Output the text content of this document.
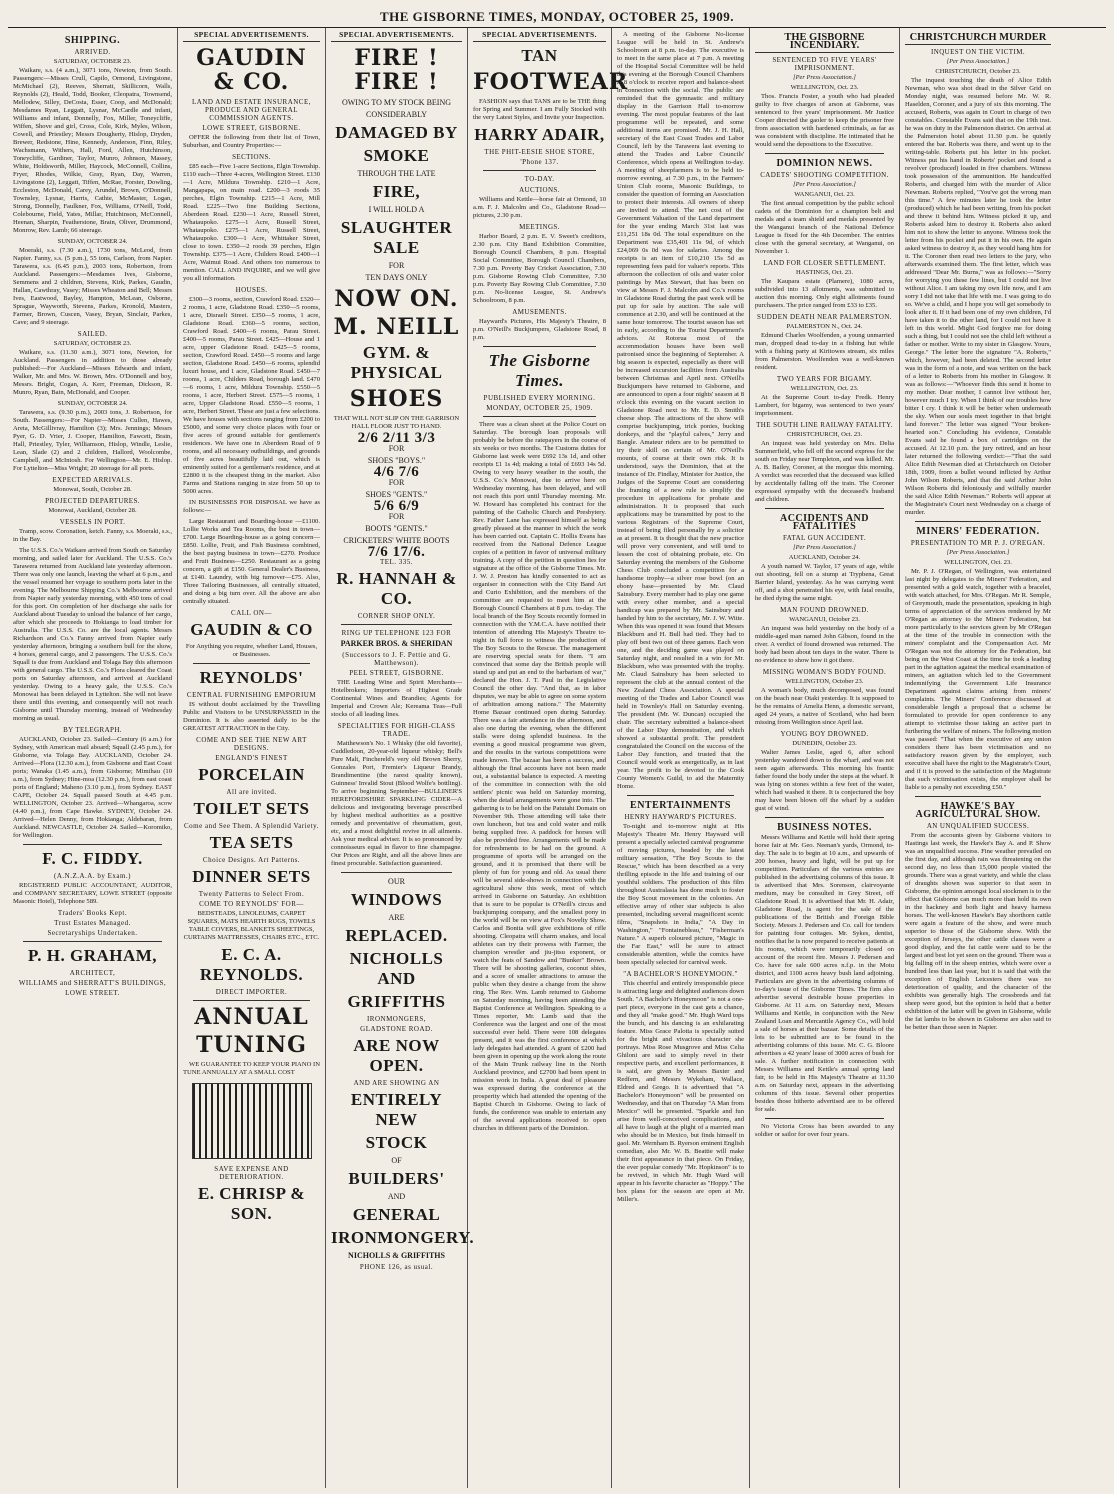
THE GISBORNE TIMES, MONDAY, OCTOBER 25, 1909.
SHIPPING.
ARRIVED.
SATURDAY, OCTOBER 23.

Waikare, s.s. (4 a.m.), 3071 tons, Newton, from South. Passengers:—Misses Crull, Capilo, Ormond, Livingstone, McMichael (2), Reeves, Sherratt, Skillicorn, Walls, Reynolds (2), Heald, Todd, Booker, Cleopatra, Townsend, Mellodew, Silley, DeCosta, Esser, Coop, and McDonald; Mesdames Ryan, Leggatt, Lysnar, McCardle and infant, Williams and infant, Donnelly, Fox, Miller, Toneycliffe, Wiffen, Shove and girl, Cross, Cole, Kirk, Myles, Wilson, Cowell, and Priestley; Messrs Dougherty, Hislop, Dryden, Brewer, Redstone, Hine, Kennedy, Anderson, Finn, Riley, Wachsmann, Withers, Hall, Ford, Allen, Hutchinson, Toneycliffe, Gardiner, Taylor, Munro, Johnson, Massey, White, Holdsworth, Miller, Haycock, McConnell, Collins, Fryer, Rhodes, Wilkie, Gray, Ryan, Day, Warren, Livingstone (2), Leggatt, Tiffen, McRae, Forster, Dowling, Eccleston, McDonald, Carey, Arundel, Brown, O'Donnell, Townsley, Lysnar, Harris, Cathie, McMaster, Logan, Strong, Donnelly, Faulkner, Fox, Williams, O'Neill, Todd, Colebourne, Field, Yates, Millar, Hutchinson, McConnell, Heenan, Sharpin, Featherstone, Brain, Oliver, Drummond, Monrow, Rev. Lamb; 66 steerage.

SUNDAY, OCTOBER 24.

Moeraki, s.s. (7.30 a.m.), 1730 tons, McLeod, from Napier. Fanny, s.s. (5 p.m.), 55 tons, Carlson, from Napier. Tarawera, s.s. (6.45 p.m.), 2003 tons, Robertson, from Auckland. Passengers:—Mesdames Ives, Gisborne, Semmens and 2 children, Stevens, Kirk, Parkes, Gaudin, Hallan, Cawthray, Vasey; Misses Wheaton and Bell; Messrs Ives, Eastwood, Bayley, Hampton, McLean, Osborne, Sprague, Wayworth, Stevens, Parkes, Kronold, Masters, Farmer, Brown, Cuscen, Vasey, Bryan, Sinclair, Parkes, Cave; and 9 steerage.

SAILED.
SATURDAY, OCTOBER 23.

Waikare, s.s. (11.30 a.m.), 3071 tons, Newton, for Auckland. Passengers in addition to those already published:—For Auckland—Misses Edwards and infant, Walker, Mr. and Mrs. W. Brown, Mrs. O'Donnell and boy, Messrs. Bright, Cogan, A. Kerr, Freeman, Dickson, R. Munro, Ryan, Bain, McDonald, and Cooper.

SUNDAY, OCTOBER 24.

Tarawera, s.s. (9.30 p.m.), 2003 tons, J. Robertson, for South. Passengers:—For Napier—Misses Cullen, Hawes, Areta, McGillivray, Hamilton (3); Mrs. Jennings; Messrs Pyer, G. D. Vrier, J. Cooper, Hamilton, Fawcett, Brain, Hall, Priestley, Tyler, Williamson, Hislop, Windle, Leslie, Lean, Slade (2) and 2 children, Hallord, Woolcombe, Campbell, and McIntosh. For Wellington—Mr. E. Hislop. For Lyttelton—Miss Wright; 20 steerage for all ports.

EXPECTED ARRIVALS.

Monowai, South, October 28.

PROJECTED DEPARTURES.

Monowai, Auckland, October 28.

VESSELS IN PORT.

Tramp, scow. Coronation, ketch. Fanny, s.s. Moeraki, s.s., in the Bay.

The U.S.S. Co.'s Waikare arrived from South on Saturday morning, and sailed later for Auckland. The U.S.S. Co.'s Tarawera returned from Auckland late yesterday afternoon. There was only one launch, leaving the wharf at 6 p.m., and the vessel resumed her voyage to southern ports later in the evening. The Melbourne Shipping Co.'s Melbourne arrived from Napier early yesterday morning, with 450 tons of coal for this port. On completion of her discharge she sails for Auckland about Tuesday to unload the balance of her cargo, after which she proceeds to Hokianga to load timber for Australia. The U.S.S. Co. are the local agents. Messrs Richardson and Co.'s Fanny arrived from Napier early yesterday afternoon, bringing a southern bull for the show, 4 horses, general cargo, and 2 passengers. The U.S.S. Co.'s Squall is due from Auckland and Tolaga Bay this afternoon with general cargo. The U.S.S. Co.'s Flora cleared the Coast ports on Saturday afternoon, and arrived at Auckland yesterday. Owing to a heavy gale, the U.S.S. Co.'s Monowai has been delayed in Lyttelton. She will not leave there until this evening, and consequently will not reach Gisborne until Thursday morning, instead of Wednesday morning as usual.

BY TELEGRAPH.

AUCKLAND, October 23. Sailed—Century (6 a.m.) for Sydney, with American mail aboard; Squall (2.45 p.m.), for Gisborne, via Tolaga Bay. AUCKLAND, October 24. Arrived—Flora (12.30 a.m.), from Gisborne and East Coast ports; Wanaka (1.45 a.m.), from Gisborne; Mimihau (10 a.m.), from Sydney; Hine-moa (12.30 p.m.), from east coast ports of England; Maheno (3.10 p.m.), from Sydney. EAST CAPE, October 24. Squall passed South at 4.45 p.m. WELLINGTON, October 23. Arrived—Whangaroa, scow (4.40 p.m.), from Cape Hawke. SYDNEY, October 24. Arrived—Helen Denny, from Hokianga; Aldebaran, from Auckland. NEWCASTLE, October 24. Sailed—Koromiko, for Wellington.

F. C. FIDDY.
(A.N.Z.A.A. by Exam.)

REGISTERED PUBLIC ACCOUNTANT, AUDITOR, and COMPANY SECRETARY, LOWE STREET (opposite Masonic Hotel), Telephone 589.

Traders' Books Kept.
Trust Estates Managed.
Secretaryships Undertaken.
P. H. GRAHAM,
ARCHITECT,
WILLIAMS and SHERRATT'S BUILDINGS,
LOWE STREET.
SPECIAL ADVERTISEMENTS.
GAUDIN & CO.
LAND AND ESTATE INSURANCE, PRODUCE AND GENERAL COMMISSION AGENTS.
LOWE STREET, GISBORNE.

OFFER the following from their list of Town, Suburban, and Country Properties:—

SECTIONS.

£85 each—Five 1-acre Sections, Elgin Township. £110 each—Three 4-acres, Wellington Street. £130—1 Acre, Mildura Township. £210—1 Acre, Mangapapa, on main road. £200—3 roods 35 perches, Elgin Township. £215—1 Acre, Mill Road. £225—Two fine Building Sections, Aberdeen Road. £230—1 Acre, Russell Street, Whataupoko. £275—1 Acre, Russell Street, Whataupoko. £275—1 Acre, Russell Street, Whataupoko. £300—1 Acre, Whittaker Street, close to town. £350—2 roods 39 perches, Elgin Township. £375—1 Acre, Childers Road. £400—1 Acre, Waimui Road. And others too numerous to mention. CALL AND INQUIRE, and we will give you all information.

HOUSES.

£300—3 rooms, section, Crawford Road. £320—2 rooms, 1 acre, Gladstone Road. £350—5 rooms, 1 acre, Disraeli Street. £350—5 rooms, 1 acre, Gladstone Road. £360—5 rooms, section, Crawford Road. £400—6 rooms, Parau Street. £400—5 rooms, Parau Street. £425—House and 1 acre, upper Gladstone Road. £425—5 rooms, section, Crawford Road. £450—5 rooms and large section, Gladstone Road. £450—6 rooms, splendid luxuri house, and 1 acre, Gladstone Road. £450—7 rooms, 1 acre, Childers Road, borough land. £470—6 rooms, 1 acre, Mildura Township. £550—5 rooms, 1 acre, Herbert Street. £575—5 rooms, 1 acre, Upper Gladstone Road. £550—5 rooms, 1 acre, Herbert Street. These are just a few selections. We have houses with sections ranging from £200 to £5000, and some very choice places with four or five acres of ground suitable for gentlemen's residences. We have one in Aberdeen Road of 9 rooms, and all necessary outbuildings, and grounds of five acres beautifully laid out, which is eminently suited for a gentleman's residence, and at £2800 it is the cheapest thing in the market. Also Farms and Stations ranging in size from 50 up to 5000 acres.

IN BUSINESSES FOR DISPOSAL we have as follows:—

Large Restaurant and Boarding-house —£1100. Lollie Works and Tea Rooms, the best in town—£700. Large Boarding-house as a going concern—£850. Lollie, Fruit, and Fish Business combined, the best paying business in town—£270. Produce and Fruit Business—£250. Restaurant as a going concern, a gift at £150. General Dealer's Business, at £140. Laundry, with big turnover—£75. Also, Three Tailoring Businesses, all centrally situated, and doing a big turn over. All the above are also centrally situated.

CALL ON—
GAUDIN & CO

For Anything you require, whether Land, Houses, or Businesses.

REYNOLDS'
CENTRAL FURNISHING EMPORIUM

IS without doubt acclaimed by the Travelling Public and Visitors to be UNSURPASSED in the Dominion. It is also asserted daily to be the GREATEST ATTRACTION in the City.

COME AND SEE THE NEW ART DESIGNS.
ENGLAND'S FINEST
PORCELAIN
All are invited.
TOILET SETS
Come and See Them. A Splendid Variety.
TEA SETS
Choice Designs. Art Patterns.
DINNER SETS
Twenty Patterns to Select From.
COME TO REYNOLDS' FOR—

BEDSTEADS, LINOLEUMS, CARPET SQUARES, MATS HEARTH RUGS, TOWELS TABLE COVERS, BLANKETS SHEETINGS, CURTAINS MATTRESSES, CHAIRS ETC., ETC.

E. C. A. REYNOLDS.
DIRECT IMPORTER.
ANNUAL
TUNING

WE GUARANTEE TO KEEP YOUR PIANO IN TUNE ANNUALLY AT A SMALL COST

SAVE EXPENSE AND DETERIORATION.
E. CHRISP & SON.
SPECIAL ADVERTISEMENTS.
FIRE ! FIRE !
OWING TO MY STOCK BEING
CONSIDERABLY
DAMAGED BY
SMOKE
THROUGH THE LATE
FIRE,
I WILL HOLD A
SLAUGHTER SALE
FOR
TEN DAYS ONLY
NOW ON.
M. NEILL
GYM. & PHYSICAL
SHOES

THAT WILL NOT SLIP ON THE GARRISON HALL FLOOR JUST TO HAND.

2/6 2/11 3/3
FOR
SHOES "BOYS."
4/6 7/6
FOR
SHOES "GENTS."
5/6 6/9
FOR
BOOTS "GENTS."
CRICKETERS' WHITE BOOTS
7/6 17/6.
TEL. 335.
R. HANNAH & CO.
CORNER SHOP ONLY.
RING UP TELEPHONE 123 FOR
PARKER BROS. & SHERIDAN
(Successors to J. F. Pettie and G. Matthewson).
PEEL STREET, GISBORNE.

THE Leading Wine and Spirit Merchants—Hotelbrokers; Importers of Highest Grade Continental Wines and Brandies; Agents for Imperial and Crown Ale; Kereama Teas—Full stocks of all leading lines.

SPECIALITIES FOR HIGH-CLASS TRADE.

Matthewson's No. 1 Whisky (the old favorite), Cuddledoon, 20-year-old liqueur whisky; Bell's Pure Malt, Finchereld's very old Brown Sherry, Gonzales Port, Fremier's Liqueur Brandy, Brandimentine (the rarest quality known), Guinness' Invalid Stout (Blood Wolfe's bottling). To arrive beginning September—BULLINER'S HEREFORDSHIRE SPARKLING CIDER—A delicious and invigorating beverage prescribed by highest medical authorities as a positive remedy and preventative of rheumatism, gout, etc, and a most delightful revive in all ailments. Ask your medical adviser. It is so pronounced by connoisseurs equal in flavor to fine champagne. Our Prices are Right, and all the above lines are finest procurable. Satisfaction guaranteed.

OUR
WINDOWS
ARE
REPLACED.
NICHOLLS AND
GRIFFITHS
IRONMONGERS,
GLADSTONE ROAD.
ARE NOW OPEN.
AND ARE SHOWING AN
ENTIRELY NEW
STOCK
OF
BUILDERS'
AND
GENERAL
IRONMONGERY.
NICHOLLS & GRIFFITHS
PHONE 126, as usual.
SPECIAL ADVERTISEMENTS.
TAN
FOOTWEAR

FASHION says that TANS are to be THE thing for Spring and Summer. I am Fully Stocked with the very Latest Styles, and Invite your Inspection.

HARRY ADAIR,
THE PHIT-EESIE SHOE STORE,
'Phone 137.
TO-DAY.
AUCTIONS.

Williams and Kettle—horse fair at Ormond, 10 a.m. F. J. Malcolm and Co., Gladstone Road—pictures, 2.30 p.m.

MEETINGS.

Harbor Board, 2 p.m. E. V. Sweet's creditors, 2.30 p.m. City Band Exhibition Committee, Borough Council Chambers, 8 p.m. Hospital Social Committee, Borough Council Chambers, 7.30 p.m. Poverty Bay Cricket Association, 7.30 p.m. Gisborne Rowing Club Committee, 7.30 p.m. Poverty Bay Rowing Club Committee, 7.30 p.m. No-license League, St. Andrew's Schoolroom, 8 p.m.

AMUSEMENTS.

Hayward's Pictures, His Majesty's Theatre, 8 p.m. O'Neill's Buckjumpers, Gladstone Road, 8 p.m.

The Gisborne Times.
PUBLISHED EVERY MORNING.
MONDAY, OCTOBER 25, 1909.

There was a clean sheet at the Police Court on Saturday. The borough loan proposals will probably be before the ratepayers in the course of six weeks or two months. The Customs duties for Gisborne last week were £692 13s 1d, and other receipts £1 1s 4d; making a total of £693 14s 5d. Owing to very heavy weather in the south, the U.S.S. Co.'s Monowai, due to arrive here on Wednesday morning, has been delayed, and will not reach this port until Thursday morning. Mr. W. Howard has completed his contract for the painting of the Catholic Church and Presbytery. Rev. Father Lane has expressed himself as being greatly pleased at the manner in which the work has been carried out. Captain C. Hollis Evans has received from the National Defence League copies of a petition in favor of universal military training. A copy of the petition in question lies for signature at the office of the Gisborne Times. Mr. J. W. J. Preston has kindly consented to act as organiser in connection with the City Band Art and Curio Exhibition, and the members of the committee are requested to meet him at the Borough Council Chambers at 8 p.m. to-day. The local branch of the Boy Scouts recently formed in connection with the Y.M.C.A. have notified their intention of attending His Majesty's Theatre to-night in full force to witness the production of The Boy Scouts to the Rescue. The management are reserving special seats for them. "I am convinced that some day the British people will stand up and put an end to the barbarism of war," declared the Hon. J. T. Paul in the Legislative Council the other day. "And that, as in labor disputes, we may be able to agree on some system of arbitration among nations." The Maternity Home Bazaar continued open during Saturday. There was a fair attendance in the afternoon, and also one during the evening, when the different stalls were doing splendid business. In the evening a good musical programme was given, and the results in the various competitions were made known. The bazaar has been a success, and although the final accounts have not been made out, a substantial balance is expected. A meeting of the committee in connection with the old settlers' picnic was held on Saturday morning, when the detail arrangements were gone into. The gathering is to be held on the Patutahi Domain on November 9th. Those attending will take their own luncheon, but tea and cold water and milk being supplied free. A paddock for horses will also be provided free. Arrangements will be made for refreshments to be had on the ground. A programme of sports will be arranged on the ground, and it is promised that there will be plenty of fun for young and old. As usual there will be several side-shows in connection with the agricultural show this week, most of which arrived in Gisborne on Saturday. An exhibition that is sure to be popular is O'Neill's circus and buckjumping company, and the smallest pony in the world will be on view at Fox's Novelty Show. Carlos and Bonita will give exhibitions of rifle shooting. Cleopatra will charm snakes, and local athletes can try their prowess with Farmer, the champion wrestler and jiu-jitsu exponent, or watch the feats of Sandow and "Bunker" Brown. There will be shooting galleries, coconut shies, and a score of smaller attractions to amuse the public when they desire a change from the show ring. The Rev. Wm. Lamb returned to Gisborne on Saturday morning, having been attending the Baptist Conference at Wellington. Speaking to a Times reporter, Mr. Lamb said that the Conference was the largest and one of the most successful ever held. There were 108 delegates present, and it was the first conference at which lady delegates had attended. A grant of £200 had been given in opening up the work along the route of the Main Trunk railway line in the North Auckland province, and £2700 had been spent in mission work in India. A great deal of pleasure was expressed during the conference at the prosperity which had attended the opening of the Baptist Church in Gisborne. Owing to lack of funds, the conference was unable to entertain any of the several applications received to open churches in different parts of the Dominion.

A meeting of the Gisborne No-license League will be held in St. Andrew's Schoolroom at 8 p.m. to-day. The executive is to meet in the same place at 7 p.m. A meeting of the Hospital Social Committee will be held this evening at the Borough Council Chambers at 8 o'clock to receive report and balance-sheet in connection with the social. The public are reminded that the gymnastic and military display in the Garrison Hall to-morrow evening. The most popular features of the last programme will be repeated, and some additional items are promised. Mr. J. H. Hall, secretary of the East Coast Trades and Labor Council, left by the Tarawera last evening to attend the Trades and Labor Councils' Conference, which opens at Wellington to-day. A meeting of sheepfarmers is to be held to-morrow evening, at 7.30 p.m., in the Farmers' Union Club rooms, Masonic Buildings, to consider the question of forming an Association to protect their interests. All owners of sheep are invited to attend. The net cost of the Government Valuation of the Land department for the year ending March 31st last was £11,251 18s 0d. The total expenditure on the Department was £35,401 11s 9d, of which £24,069 0s 0d was for salaries. Among the receipts is an item of £10,210 15s 5d as representing fees paid for valuer's reports. This afternoon the collection of oils and water color paintings by Max Stewart, that has been on view at Messrs F. J. Malcolm and Co.'s rooms in Gladstone Road during the past week will be put up for sale by auction. The sale will commence at 2.30, and will be continued at the same hour tomorrow. The tourist season has set in early, according to the Tourist Department's advices. At Rotorua most of the accommodation houses have been well patronised since the beginning of September. A big season is expected, especially as there will be increased excursion facilities from Australia between Christmas and April next. O'Neill's Buckjumpers have returned to Gisborne, and are announced to open a four nights' season at 8 o'clock this evening on the vacant section in Gladstone Road next to Mr. E. D. Smith's cheese shop. The attractions of the show will comprise buckjumping, trick ponies, bucking donkeys, and the "playful calves," Jerry and Bangle. Amateur riders are to be permitted to try their skill on certain of Mr. O'Neill's mounts, of course at their own risk. It is understood, says the Dominion, that at the instance of Dr. Findlay, Minister for Justice, the Judges of the Supreme Court are considering the framing of a new rule to simplify the procedure in applications for probate and administration. It is proposed that such applications may be transmitted by post to the various Registrars of the Supreme Court, instead of being filed personally by a solicitor as at present. It is thought that the new practice will prove very convenient, and will tend to lessen the cost of obtaining probate, etc. On Saturday evening the members of the Gisborne Chess Club concluded a competition for a handsome trophy—a silver rose bowl (on an ebony base—presented by Mr. Claud Sainsbury. Every member had to play one game with every other member, and a special handicap was prepared by Mr. Sainsbury and handed by him to the secretary, Mr. J. W. Witte. When this was opened it was found that Messrs Blackburn and H. Bull had tied. They had to play off best two out of three games. Each won one, and the deciding game was played on Saturday night, and resulted in a win for Mr. Blackburn, who was presented with the trophy. Mr. Claud Sainsbury has been selected to represent the club at the annual contest of the New Zealand Chess Association. A special meeting of the Trades and Labor Council was held in Townley's Hall on Saturday evening. The president (Mr. W. Duncan) occupied the chair. The secretary submitted a balance-sheet of the Labor Day demonstration, and which showed a substantial profit. The president congratulated the Council on the success of the Labor Day function, and trusted that the Council would work as energetically, as in last year. The profit to be devoted to the Cook County Women's Guild, to aid the Maternity Home.

ENTERTAINMENTS
HENRY HAYWARD'S PICTURES.

To-night and to-morrow night at His Majesty's Theatre Mr. Henry Hayward will present a specially selected carnival programme of moving pictures, headed by the latest military sensation, "The Boy Scouts to the Rescue," which has been described as a very thrilling episode in the life and training of our youthful soldiers. The production of this film throughout Australasia has done much to foster the Boy Scout movement in the colonies. An effective array of other star subjects is also presented, including several magnificent scenic films, "Snapshots in India," "A Day in Washington," "Fontainebleau," "Fisherman's Nature." A superb coloured picture, "Magic in the Far East," will be sure to attract considerable attention, while the comics have been specially selected for carnival week.

"A BACHELOR'S HONEYMOON."

This cheerful and entirely irresponsible piece is attracting large and delighted audiences down South. "A Bachelor's Honeymoon" is not a one-part piece, everyone in the cast gets a chance, and they all "make good." Mr. Hugh Ward tops the bunch, and his dancing is an exhilarating feature. Miss Grace Palotta is specially suited for the bright and vivacious character she portrays. Miss Rose Musgrove and Miss Celia Ghiloni are said to simply revel in their respective parts, and excellent performances, it is said, are given by Messrs Baxter and Redfern, and Messrs Wykeham, Wallace, Eldred and Grego. It is advertised that "A Bachelor's Honeymoon" will be presented on Wednesday, and that on Thursday "A Man from Mexico" will be presented. "Sparkle and fun arise from well-conceived complications, and all have to laugh at the plight of a married man who should be in Mexico, but finds himself in gaol. Mr. Wernham B. Ryerson eminent English comedian, also Mr. W. B. Beattie will make their first appearance in that piece. On Friday, the ever popular comedy "Mr. Hopkinson" is to be revived, in which Mr. Hugh Ward will appear in his favorite character as "Hoppy." The box plans for the season are open at Mr. Miller's.

THE GISBORNE INCENDIARY.
SENTENCED TO FIVE YEARS' IMPRISONMENT.
[Per Press Association.]
WELLINGTON, Oct. 23.

Thos. Francis Foster, a youth who had pleaded guilty to five charges of arson at Gisborne, was sentenced to five years' imprisonment. Mr Justice Cooper directed the gaoler to keep the prisoner free from association with hardened criminals, as far as was consistent with discipline. He intimated that he would send the depositions to the Executive.

DOMINION NEWS.
CADETS' SHOOTING COMPETITION.
[Per Press Association.]
WANGANUI, Oct. 23.

The first annual competition by the public school cadets of the Dominion for a champion belt and medals and a team shield and medals presented by the Wanganui branch of the National Defence League is fixed for the 4th December. The entries close with the general secretary, at Wanganui, on November 1.

LAND FOR CLOSER SETTLEMENT.
HASTINGS, Oct. 23.

The Kaupara estate (Plamere), 1080 acres, subdivided into 13 allotments, was submitted to auction this morning. Only eight allotments found purchasers. The price ranged from £33 to £35.

SUDDEN DEATH NEAR PALMERSTON.
PALMERSTON N., Oct. 24.

Edmund Charles Woolfenden, a young unmarried man, dropped dead to-day in a fishing hut while with a fishing party at Kiritowes stream, six miles from Palmerston. Woolfenden was a well-known resident.

TWO YEARS FOR BIGAMY.
WELLINGTON, Oct. 23.

At the Supreme Court to-day Fredk. Henry Lambert, for bigamy, was sentenced to two years' imprisonment.

THE SOUTH LINE RAILWAY FATALITY.
CHRISTCHURCH, Oct. 23.

An inquest was held yesterday on Mrs. Delia Summerfield, who fell off the second express for the south on Friday near Templeton, and was killed. Mr. A. B. Bailey, Coroner, at the morgue this morning. A verdict was recorded that the deceased was killed by accidentally falling off the train. The Coroner expressed sympathy with the deceased's husband and children.

ACCIDENTS AND FATALITIES
FATAL GUN ACCIDENT.
[Per Press Association.]
AUCKLAND, October 24.

A youth named W. Taylor, 17 years of age, while out shooting, fell on a stump at Trypbena, Great Barrier Island, yesterday. As he was carrying went off, and a shot penetrated his eye, with fatal results, he died dying the same night.

MAN FOUND DROWNED.
WANGANUI, October 23.

An inquest was held yesterday on the body of a middle-aged man named John Gibson, found in the river. A verdict of found drowned was returned. The body had been about ten days in the water. There is no evidence to show how it got there.

MISSING WOMAN'S BODY FOUND.
WELLINGTON, October 23.

A woman's body, much decomposed, was found on the beach near Otaki yesterday. It is supposed to be the remains of Amelia Henn, a domestic servant, aged 24 years, a native of Scotland, who had been missing from Wellington since April last.

YOUNG BOY DROWNED.
DUNEDIN, October 23.

Walter James Leslie, aged 6, after school yesterday wandered down to the wharf, and was not seen again afterwards. This morning his frantic father found the body under the steps at the wharf. It was lying on stones within a few feet of the water, which had washed it there. It is conjectured the boy may have been blown off the wharf by a sudden gust of wind.

BUSINESS NOTES.

Messrs Williams and Kettle will hold their spring horse fair at Mr. Geo. Neenan's yards, Ormond, to-day. The sale is to begin at 10 a.m., and upwards of 200 horses, heavy and light, will be put up for competition. Particulars of the various entries are published in the advertising columns of this issue. It is advertised that Mrs. Sorenson, clairvoyante medium, may be consulted in Grey Street, off Gladstone Road. It is advertised that Mr. H. Adair, Gladstone Road, is agent for the sale of the publications of the British and Foreign Bible Society. Messrs J. Pedersen and Co. call for tenders for painting four cottages. Mr. Sykes, dentist, notifies that he is now prepared to receive patients at his rooms, which were temporarily closed on account of the recent fire. Messrs J. Pedersen and Co. have for sale 600 acres n.f.p. in the Motu district, and 1100 acres heavy bush land adjoining. Particulars are given in the advertising columns of to-day's issue of the Gisborne Times. The firm also advertise several desirable house properties in Gisborne. At 11 a.m. on Saturday next, Messrs Williams and Kettle, in conjunction with the New Zealand Loan and Mercantile Agency Co., will hold a sale of horses at their bazaar. Some details of the lots to be submitted are to be found in the advertising columns of this issue. Mr. C. G. Bloore advertises a 42 years' lease of 3000 acres of bush for sale. A further notification in connection with Messrs Williams and Kettle's annual spring land fair, to be held in His Majesty's Theatre at 11.30 a.m. on Saturday next, appears in the advertising columns of this issue. Several other properties besides those hitherto advertised are to be offered for sale.

No Victoria Cross has been awarded to any soldier or sailor for over four years.

CHRISTCHURCH MURDER
INQUEST ON THE VICTIM.
[Per Press Association.]
CHRISTCHURCH, October 23.

The inquest touching the death of Alice Edith Newman, who was shot dead in the Silver Grid on Monday night, was resumed before Mr. W. R. Haselden, Coroner, and a jury of six this morning. The accused, Roberts, was again in Court in charge of two constables. Constable Evans said that on the 19th inst. he was on duty in the Palmerston district. On arrival at the Palmerston hotel about 11.30 p.m. he quietly entered the bar. Roberts was there, and went up to the writing-table. Roberts put his letter in his pocket. Witness put his hand in Roberts' pocket and found a revolver (produced) loaded in five chambers. Witness took possession of the ammunition. He handcuffed Roberts, and charged him with the murder of Alice Newman. Roberts replied, "You've got the wrong man this time." A few minutes later he took the letter (produced) which he had been writing, from his pocket and threw it behind him. Witness picked it up, and Roberts asked him to destroy it. Roberts also asked him not to show the letter to anyone. Witness took the letter from his pocket and put it in his own. He again asked witness to destroy it, as they would hang him for it. The Coroner then read two letters to the jury, who afterwards examined them. The first letter, which was addressed "Dear Mr. Burns," was as follows:—"Sorry for worrying you these few lines, but I could not live without Alice. I am taking my own life now, and I am sorry I did not take that life with me. I was going to do so. We've a child, and I hope you will get somebody to look after it. If it had been one of my own children, I'd have taken it to the other land, for I could not have it left in this world. Might God forgive me for doing such a thing, but I could not see the child left without a father or mother. Write to my sister in Glasgow. Yours, George." The letter bore the signature "A. Roberts," which, however, had been deleted. The second letter was in the form of a note, and was written on the back of a letter to Roberts from his mother in Glasgow. It was as follows:—"Whoever finds this send it home to my mother. Dear mother, I cannot live without her, however much I try. When I think of our troubles how bitter I cry. I think it will be better when underneath the sky. When our souls meet together in that bright land forever." The letter was signed "Your broken-hearted son." Concluding his evidence, Constable Evans said he found a box of cartridges on the accused. At 12.10 p.m. the jury retired, and an hour later returned the following verdict:—"That the said Alice Edith Newman died at Christchurch on October 18th, 1909, from a bullet wound inflicted by Arthur John Wilson Roberts, and that the said Arthur John Wilson Roberts did feloniously and wilfully murder the said Alice Edith Newman." Roberts will appear at the Magistrate's Court next Wednesday on a charge of murder.

MINERS' FEDERATION.
PRESENTATION TO MR P. J. O'REGAN.
[Per Press Association.]
WELLINGTON, Oct. 23.

Mr. P. J. O'Regan, of Wellington, was entertained last night by delegates to the Miners' Federation, and presented with a gold watch, together with a bracelet, with watch attached, for Mrs. O'Regan. Mr R. Semple, of Greymouth, made the presentation, speaking in high terms of appreciation of the services rendered by Mr O'Regan as attorney to the Miners' Federation, but more particularly to the services given by Mr O'Regan at the time of the trouble in connection with the miners' complaint and the Compensation Act. Mr O'Regan was not the attorney for the Federation, but being on the West Coast at the time he took a leading part in the agitation against the medical examination of miners, an agitation which led to the Government indemnifying the Government Life Insurance Department against claims arising from miners' complaints. The Miners' Conference discussed at considerable length a proposal that a scheme be formulated to provide for open conference to any attempt to victimise those taking an active part in furthering the welfare of miners. The following motion was passed: "That when the executive of any union considers there has been victimisation and no satisfactory reason given by the employer, such executive shall have the right to the Magistrate's Court, and if it is proved to the satisfaction of the Magistrate that such victimisation exists, the employer shall be liable to a penalty not exceeding £50."

HAWKE'S BAY AGRICULTURAL SHOW.
AN UNQUALIFIED SUCCESS.

From the accounts given by Gisborne visitors to Hastings last week, the Hawke's Bay A. and P. Show was an unqualified success. Fine weather prevailed on the first day, and although rain was threatening on the second day, no less than 15,000 people visited the grounds. There was a great variety, and while the class of draughts shown was superior to that seen in Gisborne, the opinion amongst local stockmen is to the effect that Gisborne can much more than hold its own in the hackney and both light and heavy harness horses. The well-known Hawke's Bay shorthorn cattle were again a feature of the show, and were much superior to those of the Gisborne show. With the exception of Jerseys, the other cattle classes were a good display, and the fat cattle were said to be the largest and best lot yet seen on the ground. There was a big falling off in the sheep entries, which were over a hundred less than last year, but it is said that with the exception of English Leicesters there was no deterioration of quality, and the character of the exhibits was generally high. The crossbreds and fat sheep were good, but the opinion is held that a better exhibition of the latter will be given in Gisborne, while the fat lambs to be shown in Gisborne are also said to be better than those seen in Napier.
